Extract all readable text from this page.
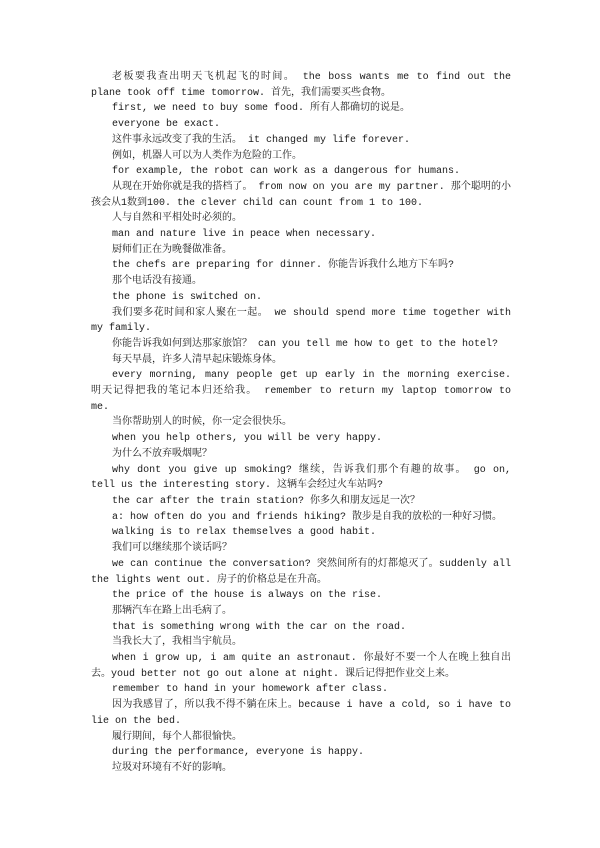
老板要我查出明天飞机起飞的时间。 the boss wants me to find out the plane took off time tomorrow. 首先，我们需要买些食物。

first, we need to buy some food. 所有人都确切的说是。

everyone be exact.

这件事永远改变了我的生活。 it changed my life forever.

例如，机器人可以为人类作为危险的工作。

for example, the robot can work as a dangerous for humans.

从现在开始你就是我的搭档了。 from now on you are my partner. 那个聪明的小孩会从1数到100. the clever child can count from 1 to 100.

人与自然和平相处时必须的。

man and nature live in peace when necessary.

厨师们正在为晚餐做准备。

the chefs are preparing for dinner. 你能告诉我什么地方下车吗?

那个电话没有接通。

the phone is switched on.

我们要多花时间和家人聚在一起。 we should spend more time together with my family.

你能告诉我如何到达那家旅馆？ can you tell me how to get to the hotel?

每天早晨，许多人清早起床锻炼身体。

every morning, many people get up early in the morning exercise. 明天记得把我的笔记本归还给我。 remember to return my laptop tomorrow to me.

当你帮助别人的时候，你一定会很快乐。

when you help others, you will be very happy.

为什么不放弃吸烟呢？

why dont you give up smoking? 继续，告诉我们那个有趣的故事。 go on, tell us the interesting story. 这辆车会经过火车站吗?

the car after the train station? 你多久和朋友远足一次？

a: how often do you and friends hiking? 散步是自我的放松的一种好习惯。

walking is to relax themselves a good habit.

我们可以继续那个谈话吗？

we can continue the conversation? 突然间所有的灯都熄灭了。suddenly all the lights went out. 房子的价格总是在升高。

the price of the house is always on the rise.

那辆汽车在路上出毛病了。

that is something wrong with the car on the road.

当我长大了，我相当宇航员。

when i grow up, i am quite an astronaut. 你最好不要一个人在晚上独自出去。youd better not go out alone at night. 课后记得把作业交上来。

remember to hand in your homework after class.

因为我感冒了，所以我不得不躺在床上。because i have a cold, so i have to lie on the bed.

履行期间，每个人都很愉快。

during the performance, everyone is happy.

垃圾对环境有不好的影响。
